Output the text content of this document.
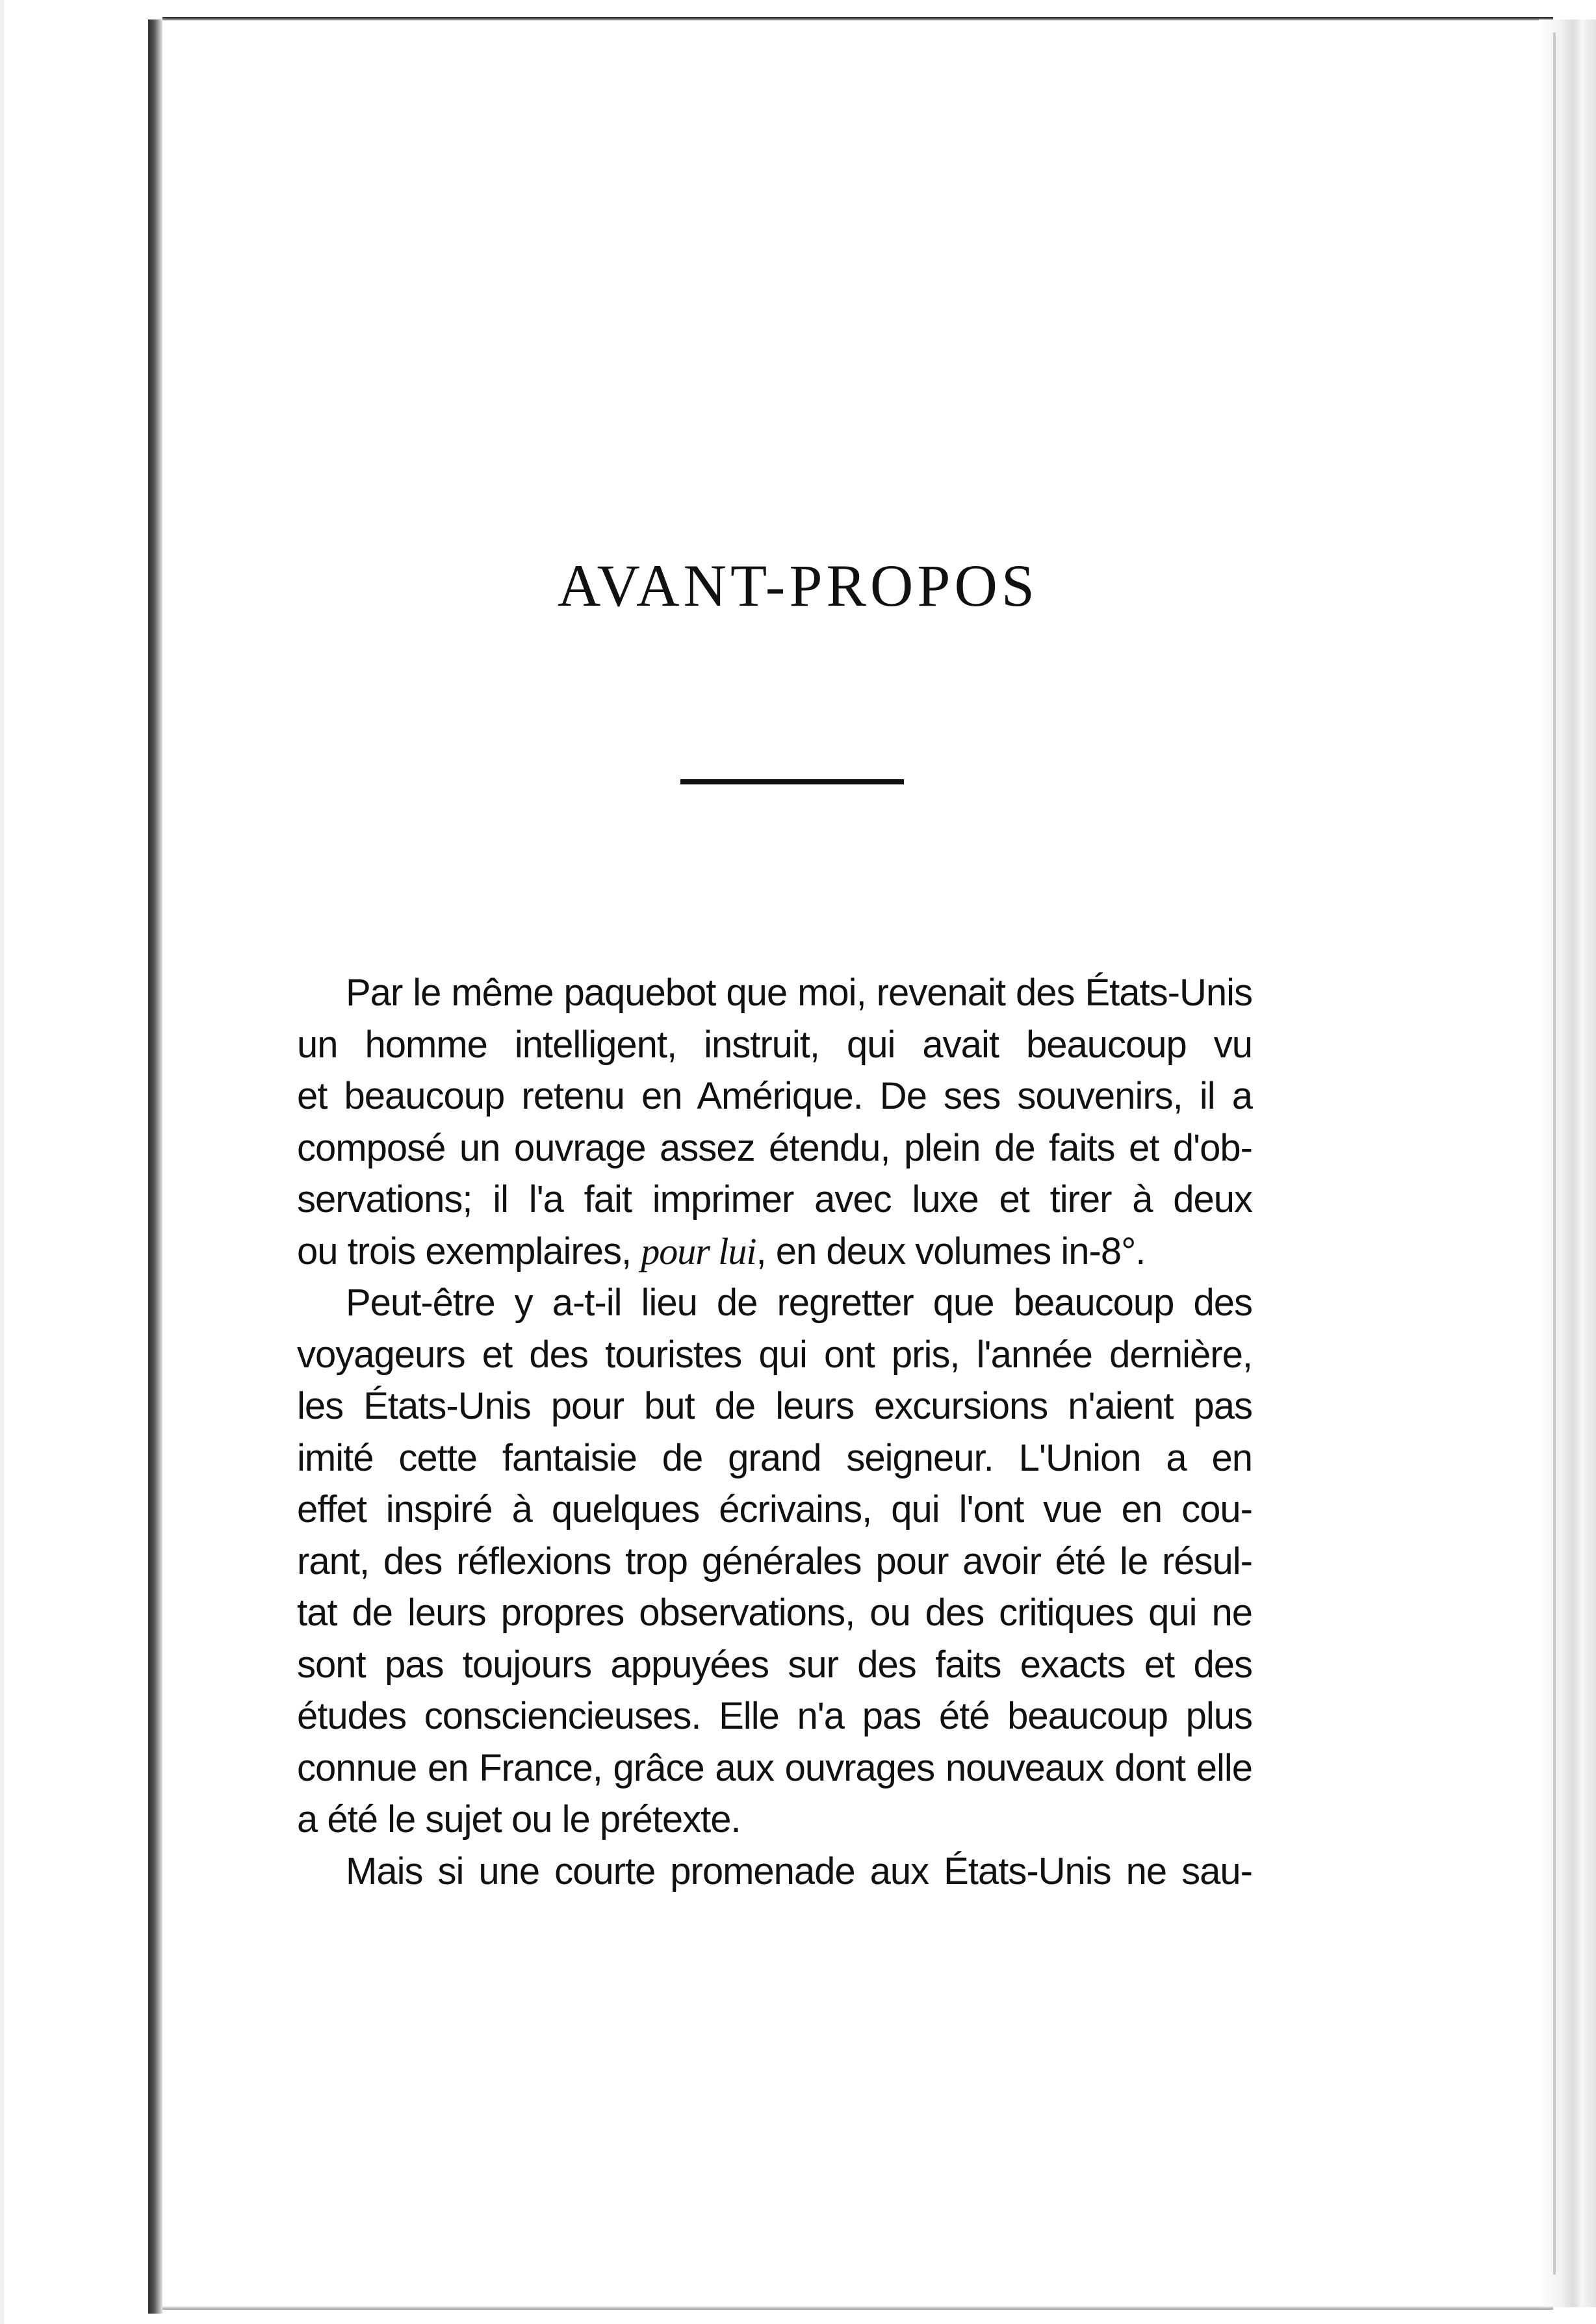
AVANT-PROPOS
Par le même paquebot que moi, revenait des États-Unis
un homme intelligent, instruit, qui avait beaucoup vu
et beaucoup retenu en Amérique. De ses souvenirs, il a
composé un ouvrage assez étendu, plein de faits et d'ob-
servations; il l'a fait imprimer avec luxe et tirer à deux
ou trois exemplaires, pour lui, en deux volumes in-8°.
Peut-être y a-t-il lieu de regretter que beaucoup des
voyageurs et des touristes qui ont pris, l'année dernière,
les États-Unis pour but de leurs excursions n'aient pas
imité cette fantaisie de grand seigneur. L'Union a en
effet inspiré à quelques écrivains, qui l'ont vue en cou-
rant, des réflexions trop générales pour avoir été le résul-
tat de leurs propres observations, ou des critiques qui ne
sont pas toujours appuyées sur des faits exacts et des
études consciencieuses. Elle n'a pas été beaucoup plus
connue en France, grâce aux ouvrages nouveaux dont elle
a été le sujet ou le prétexte.
Mais si une courte promenade aux États-Unis ne sau-
